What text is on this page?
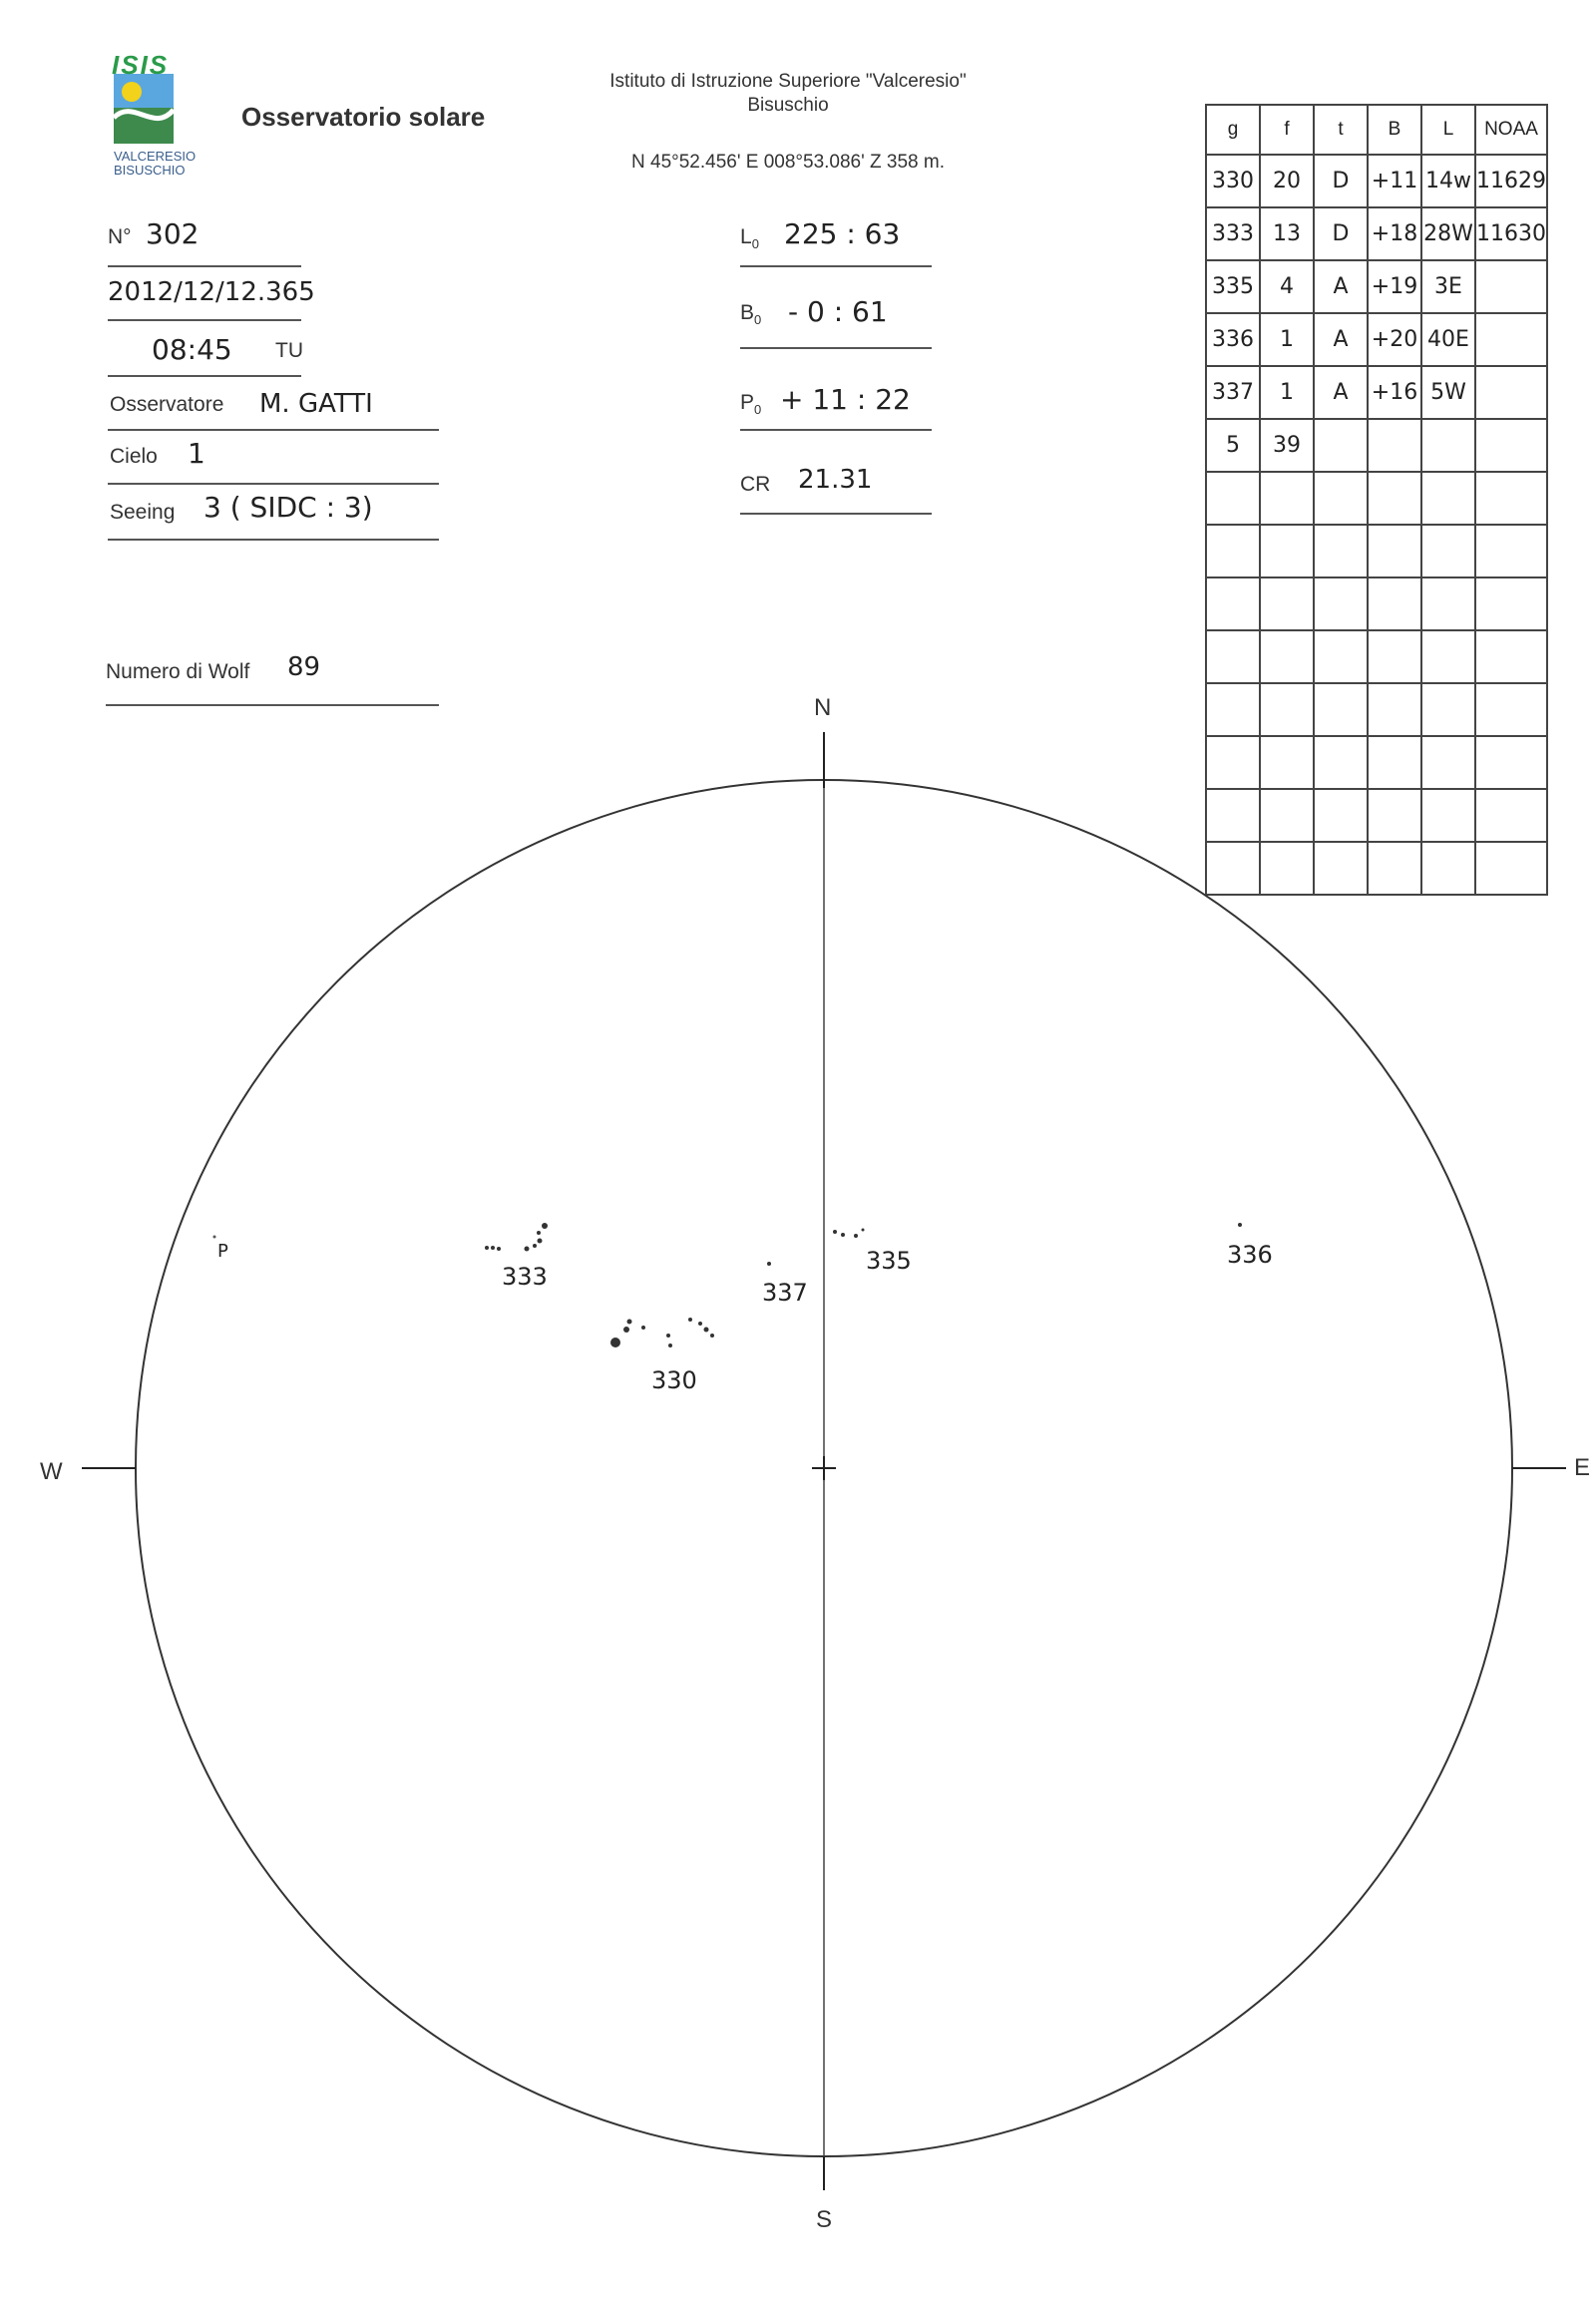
ISIS
VALCERESIO
BISUSCHIO
Osservatorio solare
Istituto di Istruzione Superiore "Valceresio"
Bisuschio
N 45°52.456' E 008°53.086' Z 358 m.
N° 302
2012/12/12.365
08:45 TU
Osservatore M. GATTI
Cielo 1
Seeing 3 ( SIDC : 3)
Numero di Wolf 89
$L_0$ 225 : 63
$B_0 - 0$ : 61
$P_0 + 11$ : 22
CR 21.31
g	f	t	B	L	NOAA
330	20	D	+11	14w	11629
333	13	D	+18	28W	11630
335	4	A	+19	3E	
336	1	A	+20	40E	
337	1	A	+16	5W	
5	39				

N
S
E
W
P
333
337
335	336
330
